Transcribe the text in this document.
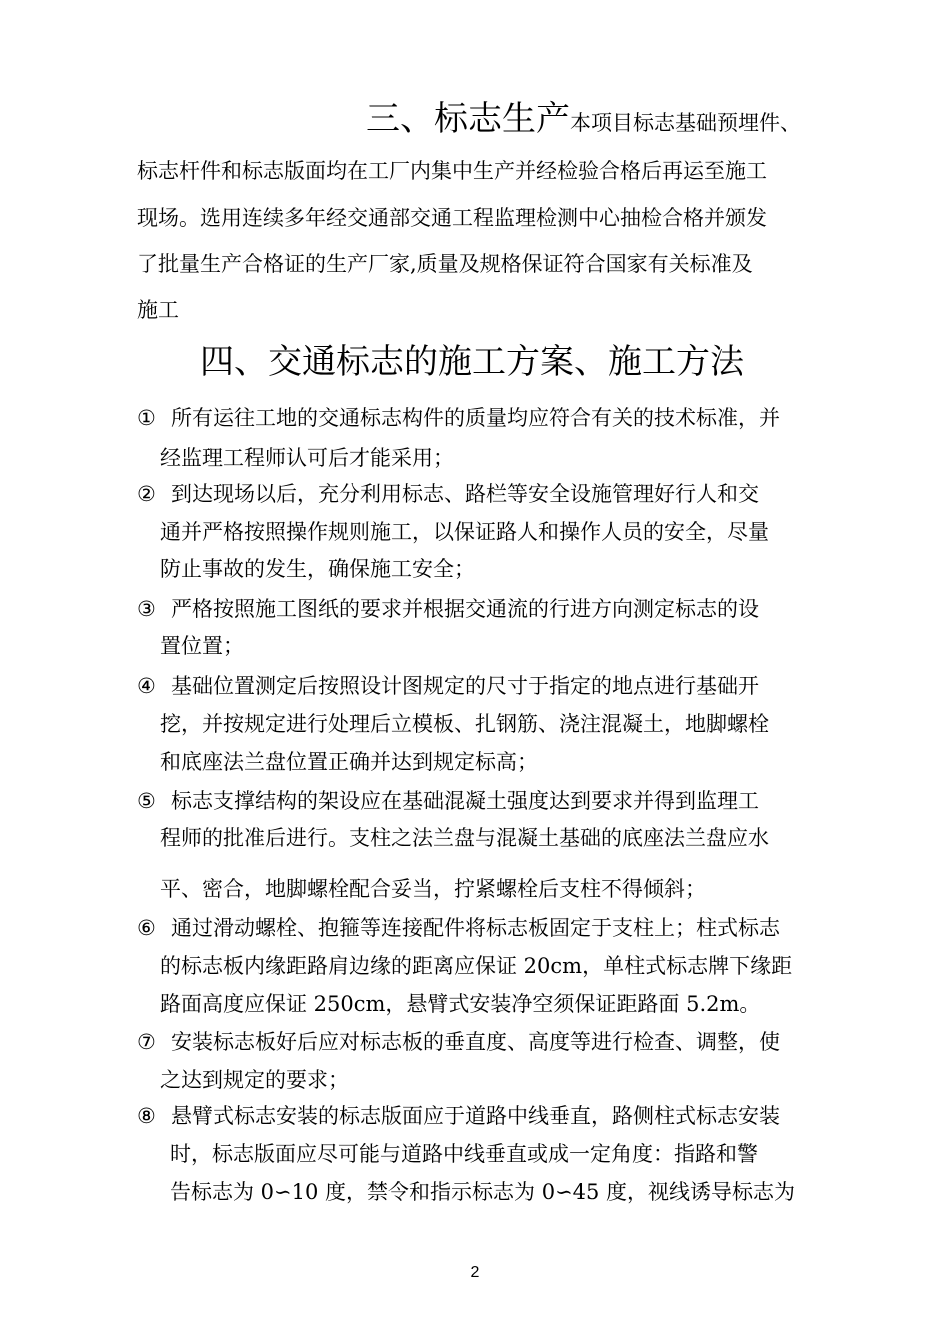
三、标志生产本项目标志基础预埋件、
标志杆件和标志版面均在工厂内集中生产并经检验合格后再运至施工
现场。选用连续多年经交通部交通工程监理检测中心抽检合格并颁发
了批量生产合格证的生产厂家,质量及规格保证符合国家有关标准及
施工
四、交通标志的施工方案、施工方法
① 所有运往工地的交通标志构件的质量均应符合有关的技术标准，并
经监理工程师认可后才能采用；
② 到达现场以后，充分利用标志、路栏等安全设施管理好行人和交
通并严格按照操作规则施工，以保证路人和操作人员的安全，尽量
防止事故的发生，确保施工安全；
③ 严格按照施工图纸的要求并根据交通流的行进方向测定标志的设
置位置；
④ 基础位置测定后按照设计图规定的尺寸于指定的地点进行基础开
挖，并按规定进行处理后立模板、扎钢筋、浇注混凝土，地脚螺栓
和底座法兰盘位置正确并达到规定标高；
⑤ 标志支撑结构的架设应在基础混凝土强度达到要求并得到监理工
程师的批准后进行。支柱之法兰盘与混凝土基础的底座法兰盘应水
平、密合，地脚螺栓配合妥当，拧紧螺栓后支柱不得倾斜；
⑥ 通过滑动螺栓、抱箍等连接配件将标志板固定于支柱上；柱式标志
的标志板内缘距路肩边缘的距离应保证 20cm，单柱式标志牌下缘距
路面高度应保证 250cm，悬臂式安装净空须保证距路面 5.2m。
⑦ 安装标志板好后应对标志板的垂直度、高度等进行检查、调整，使
之达到规定的要求；
⑧ 悬臂式标志安装的标志版面应于道路中线垂直，路侧柱式标志安装
时，标志版面应尽可能与道路中线垂直或成一定角度：指路和警
告标志为 0∽10 度，禁令和指示标志为 0∽45 度，视线诱导标志为
2
